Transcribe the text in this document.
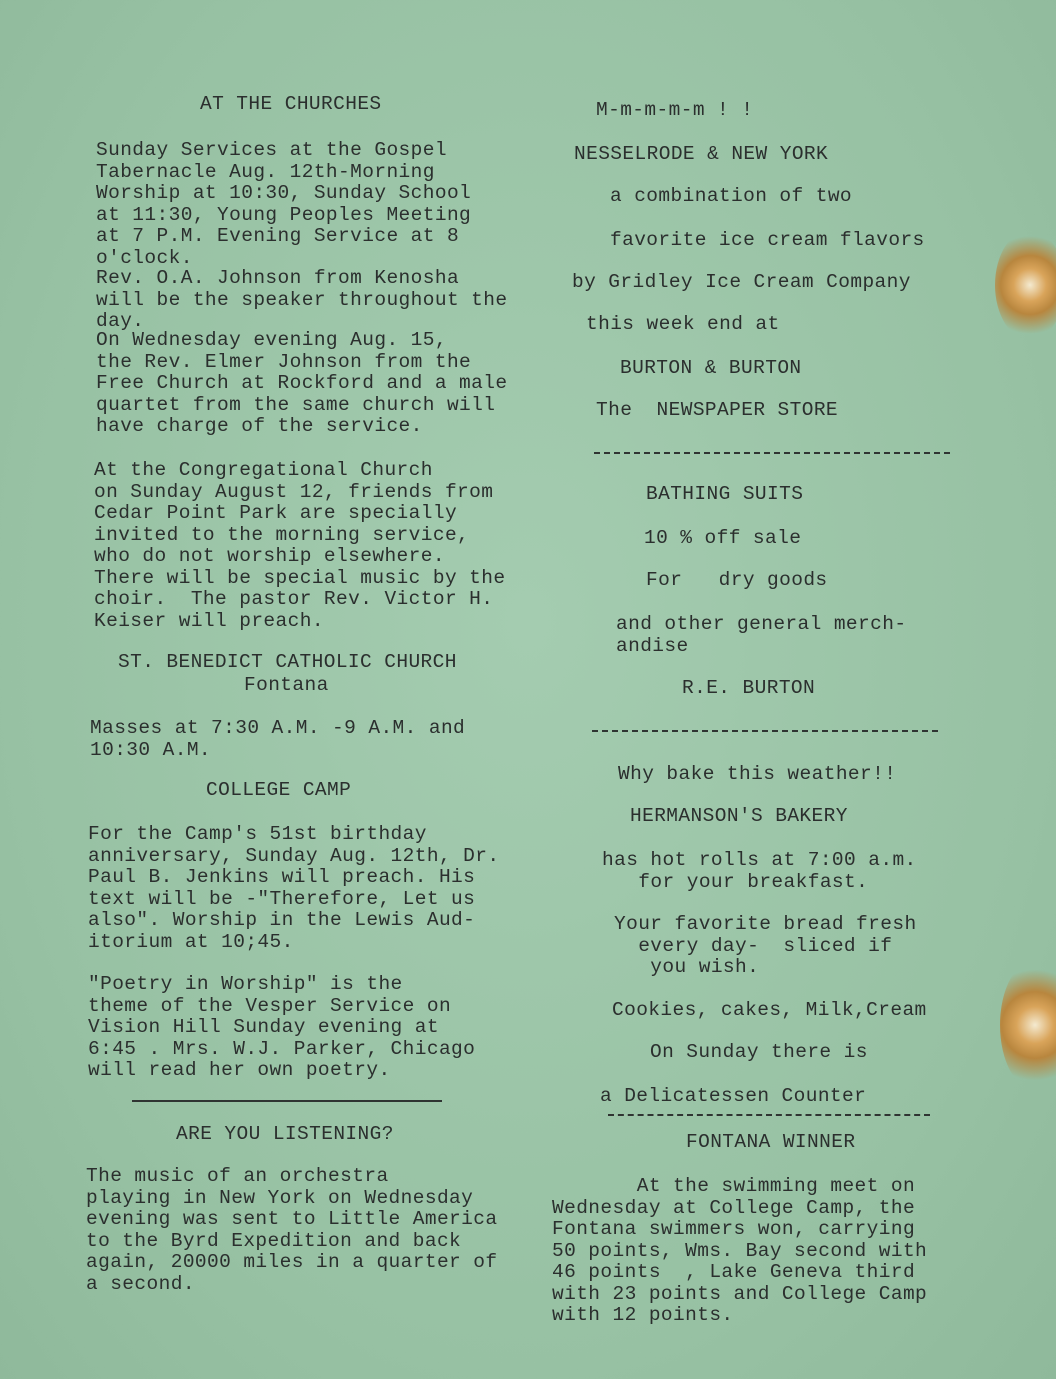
AT THE CHURCHES

Sunday Services at the Gospel
Tabernacle Aug. 12th-Morning
Worship at 10:30, Sunday School
at 11:30, Young Peoples Meeting
at 7 P.M. Evening Service at 8
o'clock.

Rev. O.A. Johnson from Kenosha
will be the speaker throughout the
day.

On Wednesday evening Aug. 15,
the Rev. Elmer Johnson from the
Free Church at Rockford and a male
quartet from the same church will
have charge of the service.

At the Congregational Church
on Sunday August 12, friends from
Cedar Point Park are specially
invited to the morning service,
who do not worship elsewhere.
There will be special music by the
choir.  The pastor Rev. Victor H.
Keiser will preach.

ST. BENEDICT CATHOLIC CHURCH

Fontana

Masses at 7:30 A.M. -9 A.M. and
10:30 A.M.

COLLEGE CAMP

For the Camp's 51st birthday
anniversary, Sunday Aug. 12th, Dr.
Paul B. Jenkins will preach. His
text will be -"Therefore, Let us
also". Worship in the Lewis Aud-
itorium at 10;45.

"Poetry in Worship" is the
theme of the Vesper Service on
Vision Hill Sunday evening at
6:45 . Mrs. W.J. Parker, Chicago
will read her own poetry.

ARE YOU LISTENING?

The music of an orchestra
playing in New York on Wednesday
evening was sent to Little America
to the Byrd Expedition and back
again, 20000 miles in a quarter of
a second.

M-m-m-m-m ! !

NESSELRODE & NEW YORK

a combination of two

favorite ice cream flavors

by Gridley Ice Cream Company

this week end at

BURTON & BURTON

The  NEWSPAPER STORE

BATHING SUITS

10 % off sale

For   dry goods

and other general merch-
andise

R.E. BURTON

Why bake this weather!!

HERMANSON'S BAKERY

has hot rolls at 7:00 a.m.
for your breakfast.

Your favorite bread fresh
every day-  sliced if
you wish.

Cookies, cakes, Milk,Cream

On Sunday there is

a Delicatessen Counter

FONTANA WINNER

At the swimming meet on
Wednesday at College Camp, the
Fontana swimmers won, carrying
50 points, Wms. Bay second with
46 points  , Lake Geneva third
with 23 points and College Camp
with 12 points.
